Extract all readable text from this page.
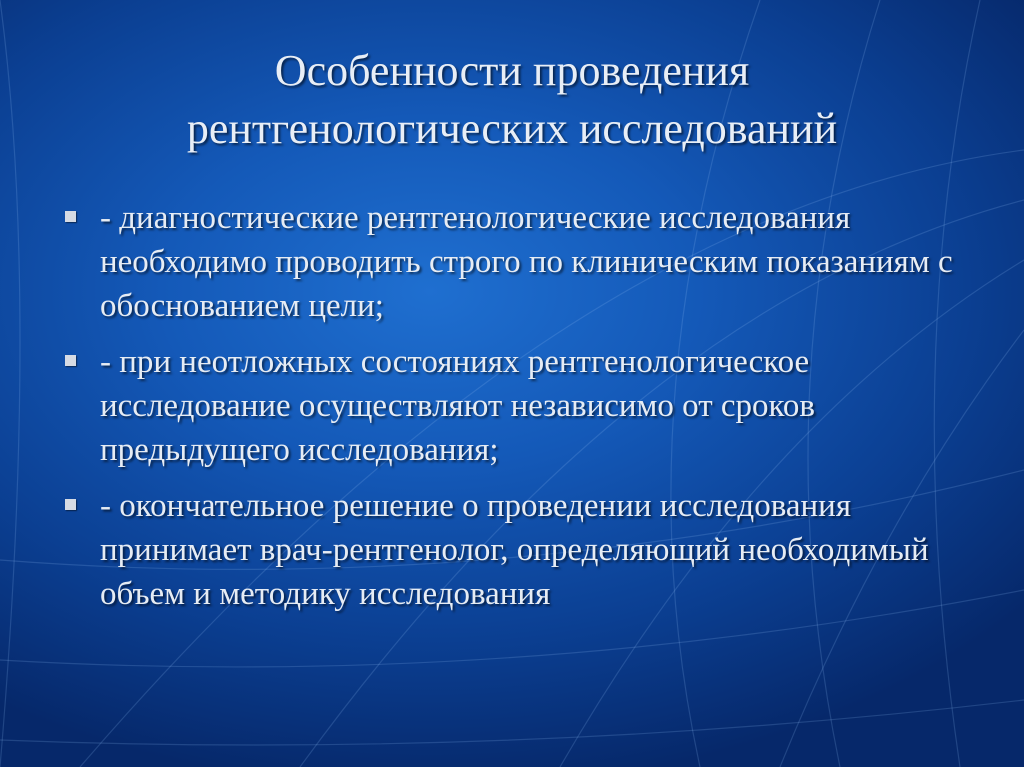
Особенности проведения
рентгенологических исследований
- диагностические рентгенологические исследования необходимо проводить строго по клиническим показаниям с обоснованием цели;
- при неотложных состояниях рентгенологическое исследование осуществляют независимо от сроков предыдущего исследования;
- окончательное решение о проведении исследования принимает врач-рентгенолог, определяющий необходимый объем и методику исследования
